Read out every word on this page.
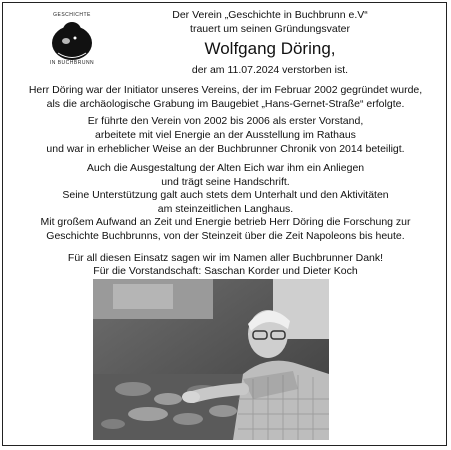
GESCHICHTE
IN BUCHBRUNN
Der Verein „Geschichte in Buchbrunn e.V“
trauert um seinen Gründungsvater
Wolfgang Döring,
der am 11.07.2024 verstorben ist.
Herr Döring war der Initiator unseres Vereins, der im Februar 2002 gegründet wurde,
als die archäologische Grabung im Baugebiet „Hans-Gernet-Straße“ erfolgte.
Er führte den Verein von 2002 bis 2006 als erster Vorstand,
arbeitete mit viel Energie an der Ausstellung im Rathaus
und war in erheblicher Weise an der Buchbrunner Chronik von 2014 beteiligt.
Auch die Ausgestaltung der Alten Eich war ihm ein Anliegen
und trägt seine Handschrift.
Seine Unterstützung galt auch stets dem Unterhalt und den Aktivitäten
am steinzeitlichen Langhaus.
Mit großem Aufwand an Zeit und Energie betrieb Herr Döring die Forschung zur
Geschichte Buchbrunns, von der Steinzeit über die Zeit Napoleons bis heute.
Für all diesen Einsatz sagen wir im Namen aller Buchbrunner Dank!
Für die Vorstandschaft: Saschan Korder und Dieter Koch
